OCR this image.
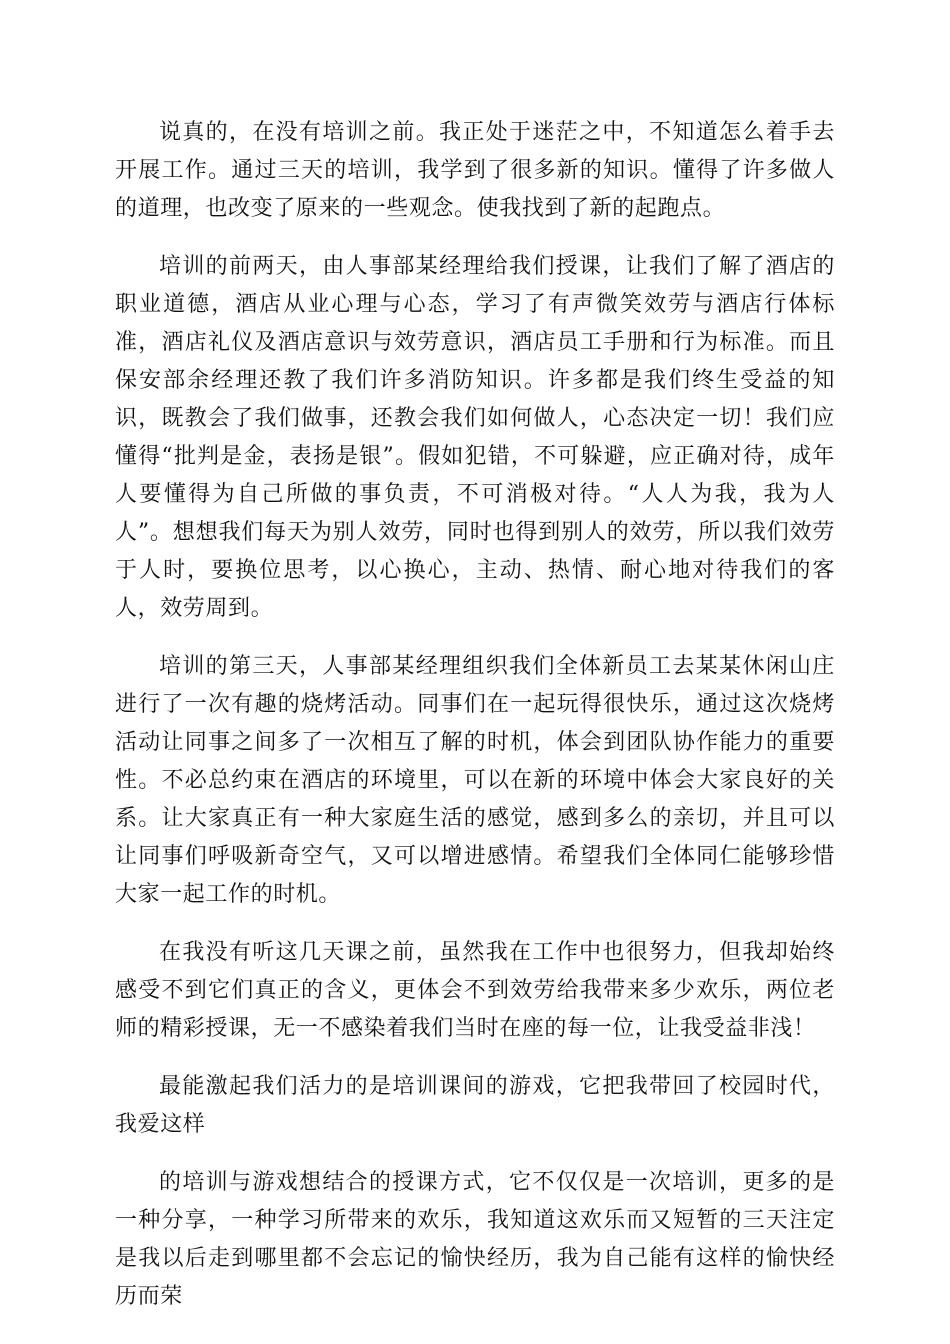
说真的，在没有培训之前。我正处于迷茫之中，不知道怎么着手去开展工作。通过三天的培训，我学到了很多新的知识。懂得了许多做人的道理，也改变了原来的一些观念。使我找到了新的起跑点。

培训的前两天，由人事部某经理给我们授课，让我们了解了酒店的职业道德，酒店从业心理与心态，学习了有声微笑效劳与酒店行体标准，酒店礼仪及酒店意识与效劳意识，酒店员工手册和行为标准。而且保安部余经理还教了我们许多消防知识。许多都是我们终生受益的知识，既教会了我们做事，还教会我们如何做人，心态决定一切！我们应懂得“批判是金，表扬是银”。假如犯错，不可躲避，应正确对待，成年人要懂得为自己所做的事负责，不可消极对待。“人人为我，我为人人”。想想我们每天为别人效劳，同时也得到别人的效劳，所以我们效劳于人时，要换位思考，以心换心，主动、热情、耐心地对待我们的客人，效劳周到。

培训的第三天，人事部某经理组织我们全体新员工去某某休闲山庄进行了一次有趣的烧烤活动。同事们在一起玩得很快乐，通过这次烧烤活动让同事之间多了一次相互了解的时机，体会到团队协作能力的重要性。不必总约束在酒店的环境里，可以在新的环境中体会大家良好的关系。让大家真正有一种大家庭生活的感觉，感到多么的亲切，并且可以让同事们呼吸新奇空气，又可以增进感情。希望我们全体同仁能够珍惜大家一起工作的时机。

在我没有听这几天课之前，虽然我在工作中也很努力，但我却始终感受不到它们真正的含义，更体会不到效劳给我带来多少欢乐，两位老师的精彩授课，无一不感染着我们当时在座的每一位，让我受益非浅！

最能激起我们活力的是培训课间的游戏，它把我带回了校园时代，我爱这样

的培训与游戏想结合的授课方式，它不仅仅是一次培训，更多的是一种分享，一种学习所带来的欢乐，我知道这欢乐而又短暂的三天注定是我以后走到哪里都不会忘记的愉快经历，我为自己能有这样的愉快经历而荣
